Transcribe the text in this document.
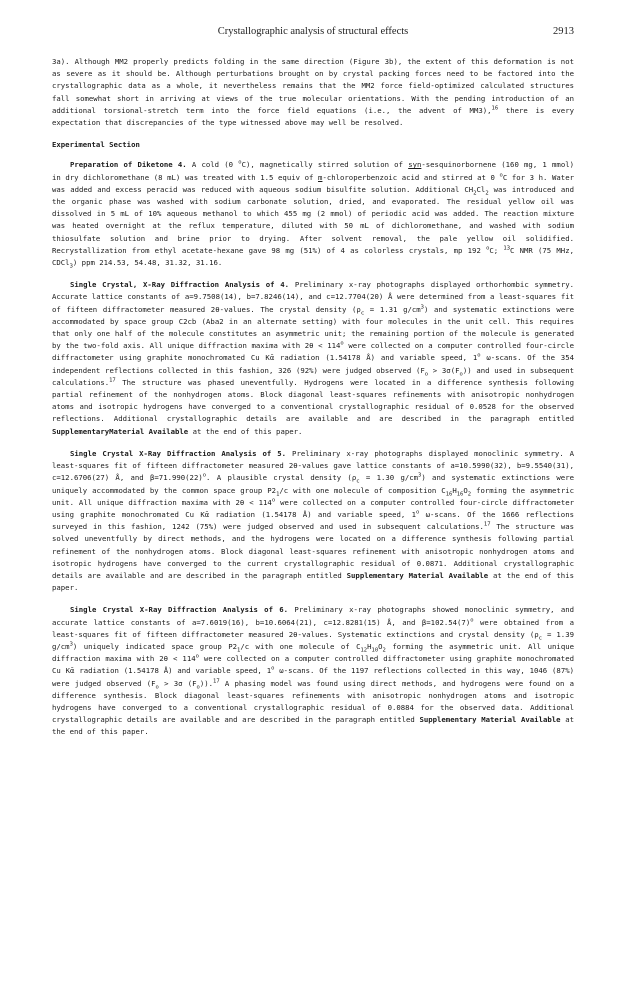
Crystallographic analysis of structural effects	2913

3a). Although MM2 properly predicts folding in the same direction (Figure 3b), the extent of this deformation is not as severe as it should be. Although perturbations brought on by crystal packing forces need to be factored into the crystallographic data as a whole, it nevertheless remains that the MM2 force field-optimized calculated structures fall somewhat short in arriving at views of the true molecular orientations. With the pending introduction of an additional torsional-stretch term into the force field equations (i.e., the advent of MM3),$^{16}$ there is every expectation that discrepancies of the type witnessed above may well be resolved.

Experimental Section

Preparation of Diketone 4. A cold (0 $^o$C), magnetically stirred solution of syn-sesquinorbornene (160 mg, 1 mmol) in dry dichloromethane (8 mL) was treated with 1.5 equiv of m-chloroperbenzoic acid and stirred at 0 $^o$C for 3 h. Water was added and excess peracid was reduced with aqueous sodium bisulfite solution. Additional $CH_2Cl_2$ was introduced and the organic phase was washed with sodium carbonate solution, dried, and evaporated. The residual yellow oil was dissolved in 5 mL of 10% aqueous methanol to which 455 mg (2 mmol) of periodic acid was added. The reaction mixture was heated overnight at the reflux temperature, diluted with 50 mL of dichloromethane, and washed with sodium thiosulfate solution and brine prior to drying. After solvent removal, the pale yellow oil solidified. Recrystallization from ethyl acetate-hexane gave 98 mg (51%) of 4 as colorless crystals, mp 192 $^o$C; $^{13}$C NMR (75 MHz, CDCl$_3$) ppm 214.53, 54.48, 31.32, 31.16.

Single Crystal, X-Ray Diffraction Analysis of 4. Preliminary x-ray photographs displayed orthorhombic symmetry. Accurate lattice constants of a=9.7508(14), b=7.8246(14), and c=12.7704(20) Å were determined from a least-squares fit of fifteen diffractometer measured 2θ-values. The crystal density ($\rho_c = 1.31$ $g/cm^3$) and systematic extinctions were accommodated by space group C2cb (Aba2 in an alternate setting) with four molecules in the unit cell. This requires that only one half of the molecule constitutes an asymmetric unit; the remaining portion of the molecule is generated by the two-fold axis. All unique diffraction maxima with $2\theta < 114^o$ were collected on a computer controlled four-circle diffractometer using graphite monochromated Cu Kᾱ radiation (1.54178 Å) and variable speed, 1$^o$ ω-scans. Of the 354 independent reflections collected in this fashion, 326 (92%) were judged observed $(F_o > 3\sigma(F_o))$ and used in subsequent calculations.$^{17}$ The structure was phased uneventfully. Hydrogens were located in a difference synthesis following partial refinement of the nonhydrogen atoms. Block diagonal least-squares refinements with anisotropic nonhydrogen atoms and isotropic hydrogens have converged to a conventional crystallographic residual of 0.0528 for the observed reflections. Additional crystallographic details are available and are described in the paragraph entitled SupplementaryMaterial Available at the end of this paper.

Single Crystal X-Ray Diffraction Analysis of 5. Preliminary x-ray photographs displayed monoclinic symmetry. A least-squares fit of fifteen diffractometer measured 2θ-values gave lattice constants of a=10.5990(32), b=9.5540(31), c=12.6706(27) Å, and $\beta=71.990(22)^o$. A plausible crystal density ($\rho_c = 1.30$ $g/cm^3$) and systematic extinctions were uniquely accommodated by the common space group $P2_1/c$ with one molecule of composition $C_{16}H_{16}O_2$ forming the asymmetric unit. All unique diffraction maxima with $2\theta < 114^o$ were collected on a computer controlled four-circle diffractometer using graphite monochromated Cu Kᾱ radiation (1.54178 Å) and variable speed, 1$^o$ ω-scans. Of the 1666 reflections surveyed in this fashion, 1242 (75%) were judged observed and used in subsequent calculations.$^{17}$ The structure was solved uneventfully by direct methods, and the hydrogens were located on a difference synthesis following partial refinement of the nonhydrogen atoms. Block diagonal least-squares refinement with anisotropic nonhydrogen atoms and isotropic hydrogens have converged to the current crystallographic residual of 0.0871. Additional crystallographic details are available and are described in the paragraph entitled Supplementary Material Available at the end of this paper.

Single Crystal X-Ray Diffraction Analysis of 6. Preliminary x-ray photographs showed monoclinic symmetry, and accurate lattice constants of a=7.6019(16), b=10.6064(21), c=12.8281(15) Å, and $\beta=102.54(7)^o$ were obtained from a least-squares fit of fifteen diffractometer measured 2θ-values. Systematic extinctions and crystal density ($\rho_c = 1.39$ $g/cm^3$) uniquely indicated space group $P2_1/c$ with one molecule of $C_{12}H_{10}O_2$ forming the asymmetric unit. All unique diffraction maxima with $2\theta < 114^o$ were collected on a computer controlled diffractometer using graphite monochromated Cu Kᾱ radiation (1.54178 Å) and variable speed, 1$^o$ ω-scans. Of the 1197 reflections collected in this way, 1046 (87%) were judged observed ($F_o > 3\sigma$ $(F_o)).^{17}$ A phasing model was found using direct methods, and hydrogens were found on a difference synthesis. Block diagonal least-squares refinements with anisotropic nonhydrogen atoms and isotropic hydrogens have converged to a conventional crystallographic residual of 0.0884 for the observed data. Additional crystallographic details are available and are described in the paragraph entitled Supplementary Material Available at the end of this paper.
